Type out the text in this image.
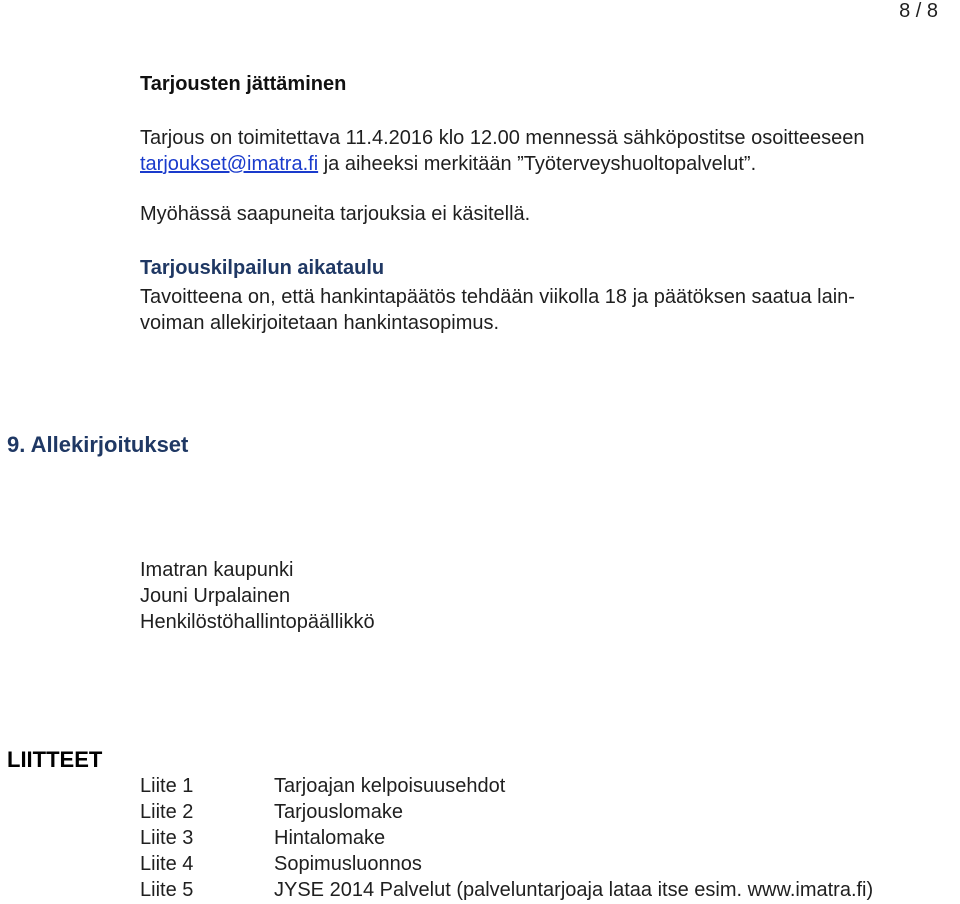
8 / 8
Tarjousten jättäminen
Tarjous on toimitettava 11.4.2016 klo 12.00 mennessä sähköpostitse osoitteeseen
tarjoukset@imatra.fi ja aiheeksi merkitään ”Työterveyshuoltopalvelut”.
Myöhässä saapuneita tarjouksia ei käsitellä.
Tarjouskilpailun aikataulu
Tavoitteena on, että hankintapäätös tehdään viikolla 18 ja päätöksen saatua lain-
voiman allekirjoitetaan hankintasopimus.
9. Allekirjoitukset
Imatran kaupunki
Jouni Urpalainen
Henkilöstöhallintopäällikkö
LIITTEET
Liite 1	Tarjoajan kelpoisuusehdot
Liite 2	Tarjouslomake
Liite 3	Hintalomake
Liite 4	Sopimusluonnos
Liite 5	JYSE 2014 Palvelut (palveluntarjoaja lataa itse esim. www.imatra.fi)
